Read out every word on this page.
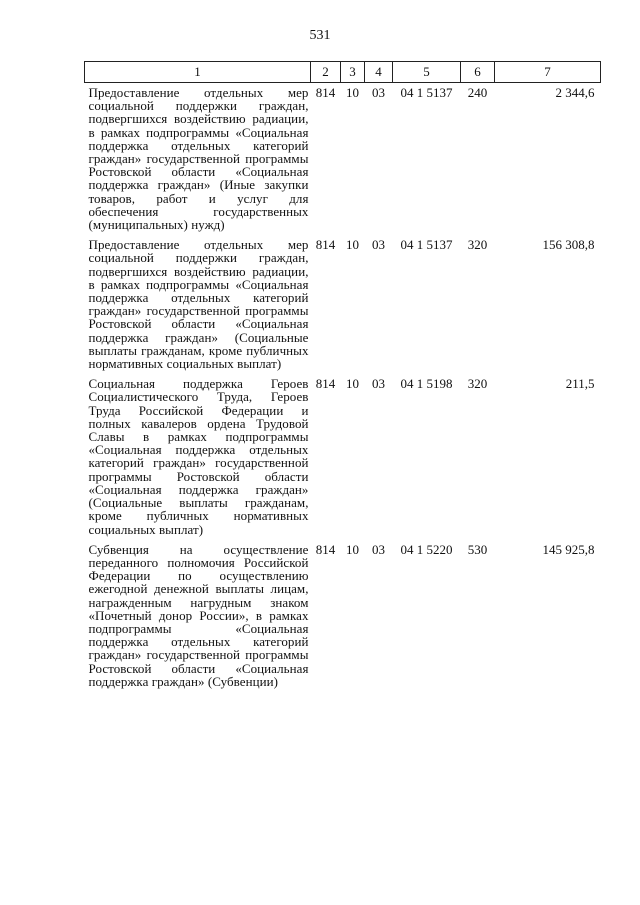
531
1	2	3	4	5	6	7
Предоставление отдельных мер социальной поддержки граждан, подвергшихся воздействию радиации, в рамках подпрограммы «Социальная поддержка отдельных категорий граждан» государственной программы Ростовской области «Социальная поддержка граждан» (Иные закупки товаров, работ и услуг для обеспечения государственных (муниципальных) нужд)	814	10	03	04 1 5137	240	2 344,6
Предоставление отдельных мер социальной поддержки граждан, подвергшихся воздействию радиации, в рамках подпрограммы «Социальная поддержка отдельных категорий граждан» государственной программы Ростовской области «Социальная поддержка граждан» (Социальные выплаты гражданам, кроме публичных нормативных социальных выплат)	814	10	03	04 1 5137	320	156 308,8
Социальная поддержка Героев Социалистического Труда, Героев Труда Российской Федерации и полных кавалеров ордена Трудовой Славы в рамках подпрограммы «Социальная поддержка отдельных категорий граждан» государственной программы Ростовской области «Социальная поддержка граждан» (Социальные выплаты гражданам, кроме публичных нормативных социальных выплат)	814	10	03	04 1 5198	320	211,5
Субвенция на осуществление переданного полномочия Российской Федерации по осуществлению ежегодной денежной выплаты лицам, награжденным нагрудным знаком «Почетный донор России», в рамках подпрограммы «Социальная поддержка отдельных категорий граждан» государственной программы Ростовской области «Социальная поддержка граждан» (Субвенции)	814	10	03	04 1 5220	530	145 925,8
